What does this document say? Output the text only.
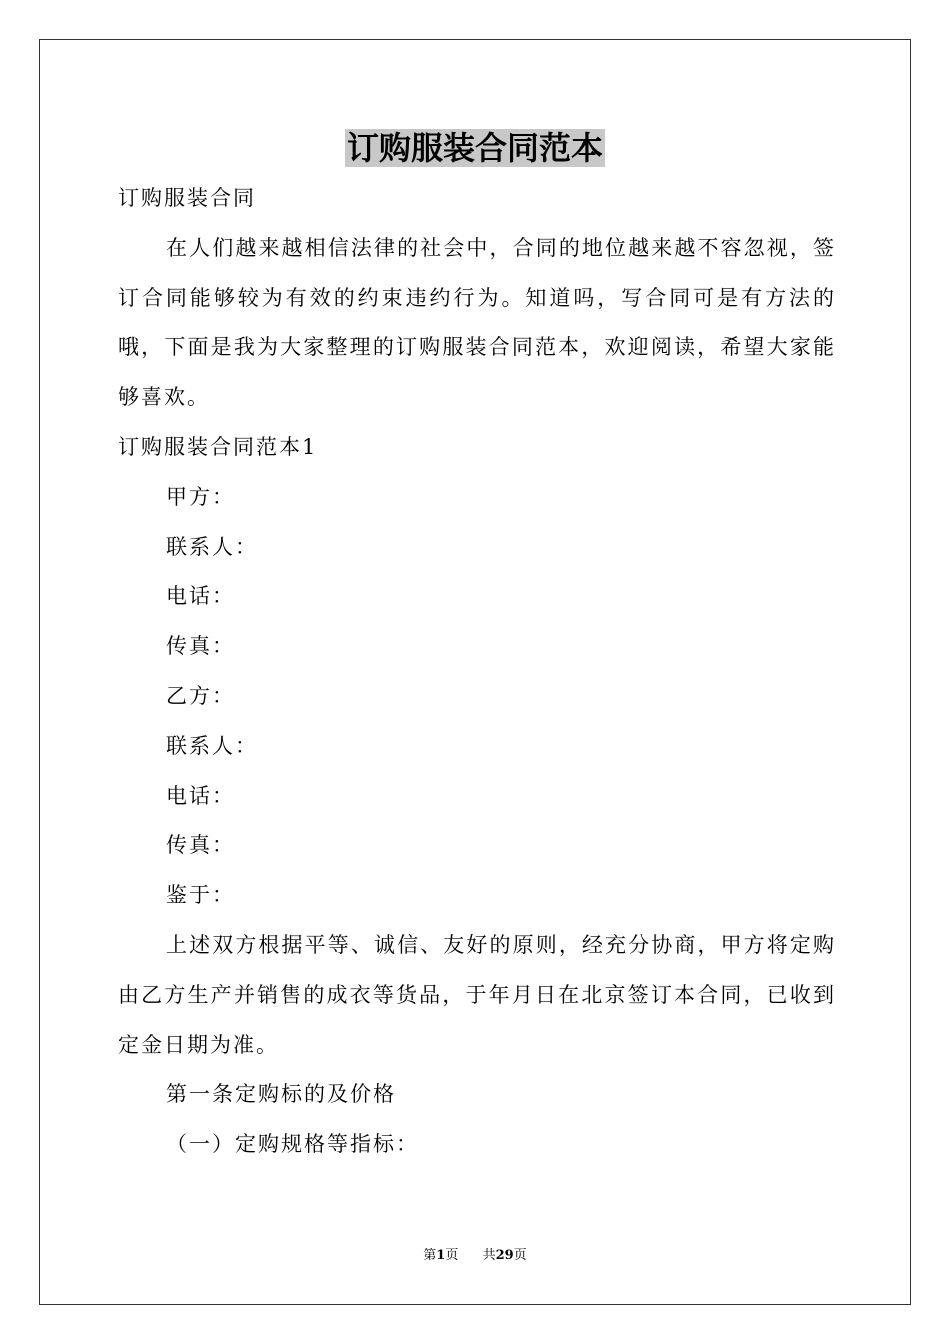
订购服装合同范本

订购服装合同

在人们越来越相信法律的社会中，合同的地位越来越不容忽视，签订合同能够较为有效的约束违约行为。知道吗，写合同可是有方法的哦，下面是我为大家整理的订购服装合同范本，欢迎阅读，希望大家能够喜欢。

订购服装合同范本1

甲方：

联系人：

电话：

传真：

乙方：

联系人：

电话：

传真：

鉴于：

上述双方根据平等、诚信、友好的原则，经充分协商，甲方将定购由乙方生产并销售的成衣等货品，于年月日在北京签订本合同，已收到定金日期为准。

第一条定购标的及价格

（一）定购规格等指标：

第1页 共29页
